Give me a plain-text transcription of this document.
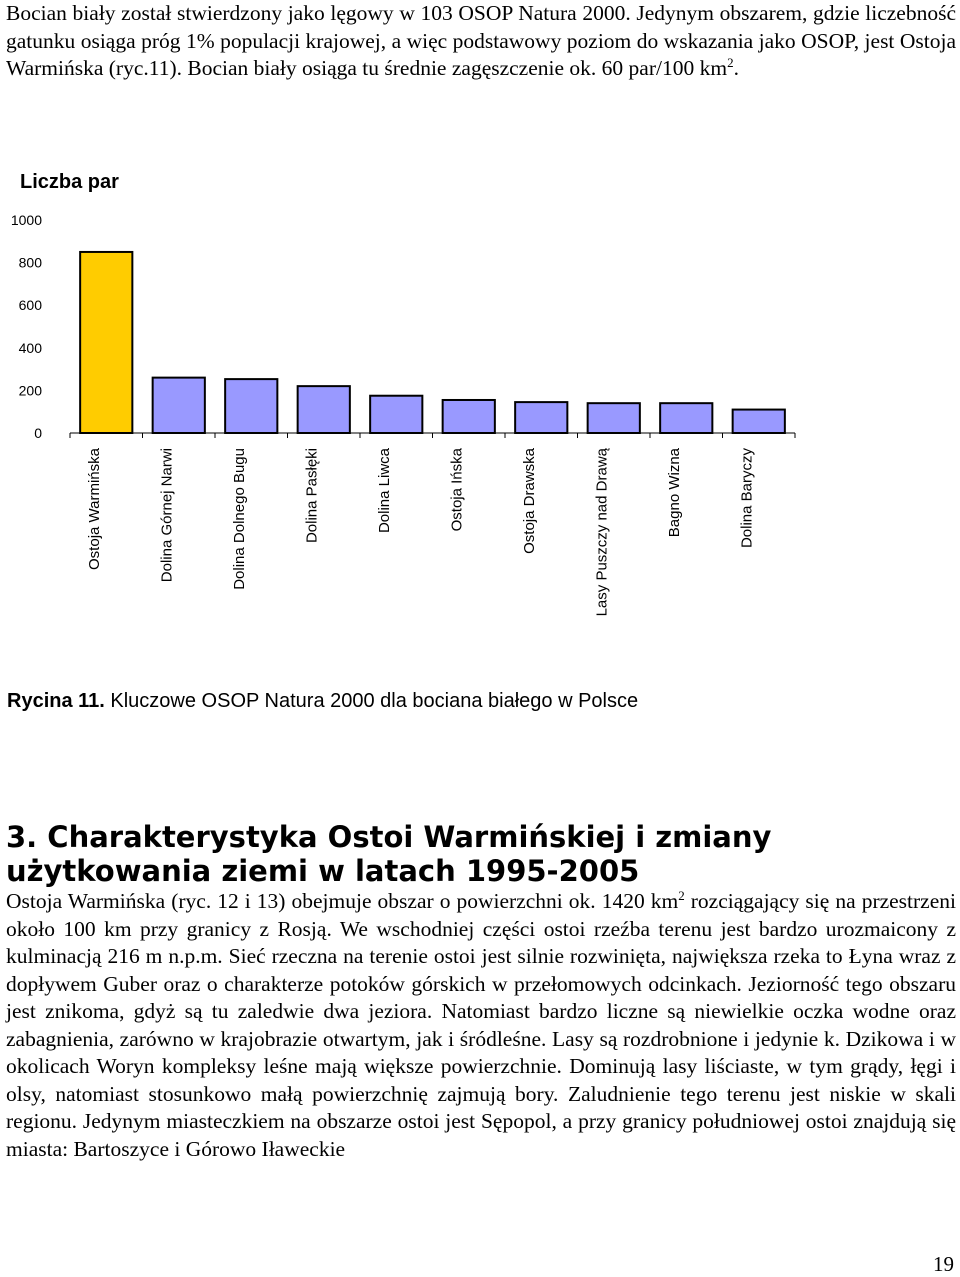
Bocian biały został stwierdzony jako lęgowy w 103 OSOP Natura 2000. Jedynym obszarem, gdzie liczebność gatunku osiąga próg 1% populacji krajowej, a więc podstawowy poziom do wskazania jako OSOP, jest Ostoja Warmińska (ryc.11). Bocian biały osiąga tu średnie zagęszczenie ok. 60 par/100 $km^2$.

Liczba par
0
200
400
600
800
1000
Ostoja Warmińska	Dolina Górnej Narwi	Dolina Dolnego Bugu	Dolina Pasłęki	Dolina Liwca	Ostoja Ińska	Ostoja Drawska	Lasy Puszczy nad Drawą	Bagno Wizna	Dolina Baryczy

Rycina 11. Kluczowe OSOP Natura 2000 dla bociana białego w Polsce

3. Charakterystyka Ostoi Warmińskiej i zmiany użytkowania ziemi w latach 1995-2005

Ostoja Warmińska (ryc. 12 i 13) obejmuje obszar o powierzchni ok. 1420 $km^2$ rozciągający się na przestrzeni około 100 km przy granicy z Rosją. We wschodniej części ostoi rzeźba terenu jest bardzo urozmaicony z kulminacją 216 m n.p.m. Sieć rzeczna na terenie ostoi jest silnie rozwinięta, największa rzeka to Łyna wraz z dopływem Guber oraz o charakterze potoków górskich w przełomowych odcinkach. Jeziorność tego obszaru jest znikoma, gdyż są tu zaledwie dwa jeziora. Natomiast bardzo liczne są niewielkie oczka wodne oraz zabagnienia, zarówno w krajobrazie otwartym, jak i śródleśne. Lasy są rozdrobnione i jedynie k. Dzikowa i w okolicach Woryn kompleksy leśne mają większe powierzchnie. Dominują lasy liściaste, w tym grądy, łęgi i olsy, natomiast stosunkowo małą powierzchnię zajmują bory. Zaludnienie tego terenu jest niskie w skali regionu. Jedynym miasteczkiem na obszarze ostoi jest Sępopol, a przy granicy południowej ostoi znajdują się miasta: Bartoszyce i Górowo Iławeckie

19
